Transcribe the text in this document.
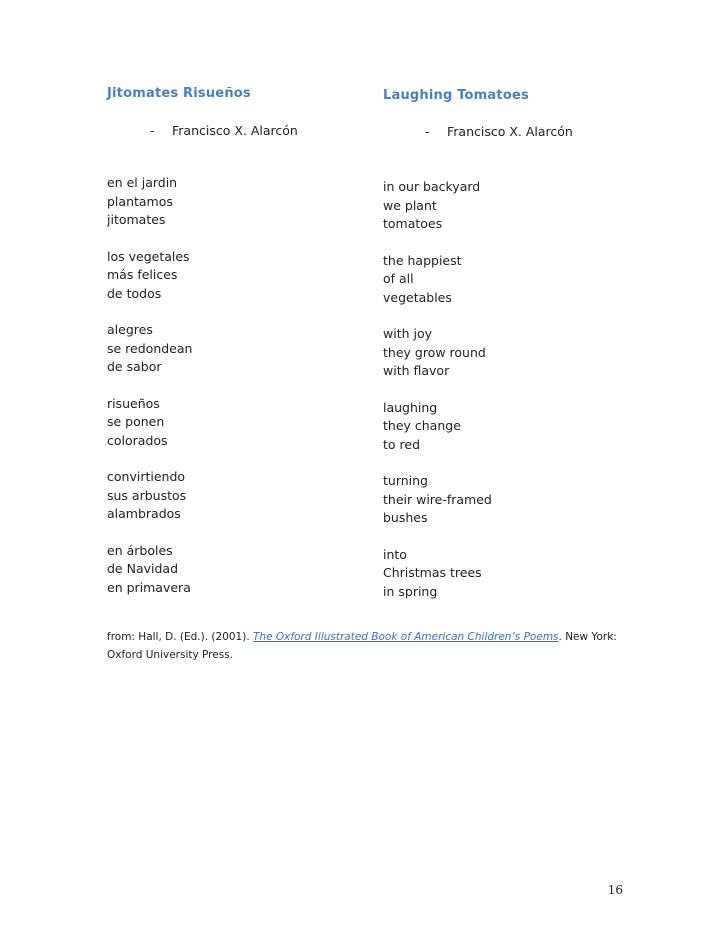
Jitomates Risueños	Laughing Tomatoes
- Francisco X. Alarcón	- Francisco X. Alarcón
en el jardin
plantamos
jitomates
los vegetales
más felices
de todos
alegres
se redondean
de sabor
risueños
se ponen
colorados
convirtiendo
sus arbustos
alambrados
en árboles
de Navidad
en primavera
in our backyard
we plant
tomatoes
the happiest
of all
vegetables
with joy
they grow round
with flavor
laughing
they change
to red
turning
their wire-framed
bushes
into
Christmas trees
in spring
from: Hall, D. (Ed.). (2001). The Oxford Illustrated Book of American Children’s Poems. New York: Oxford University Press.
16
